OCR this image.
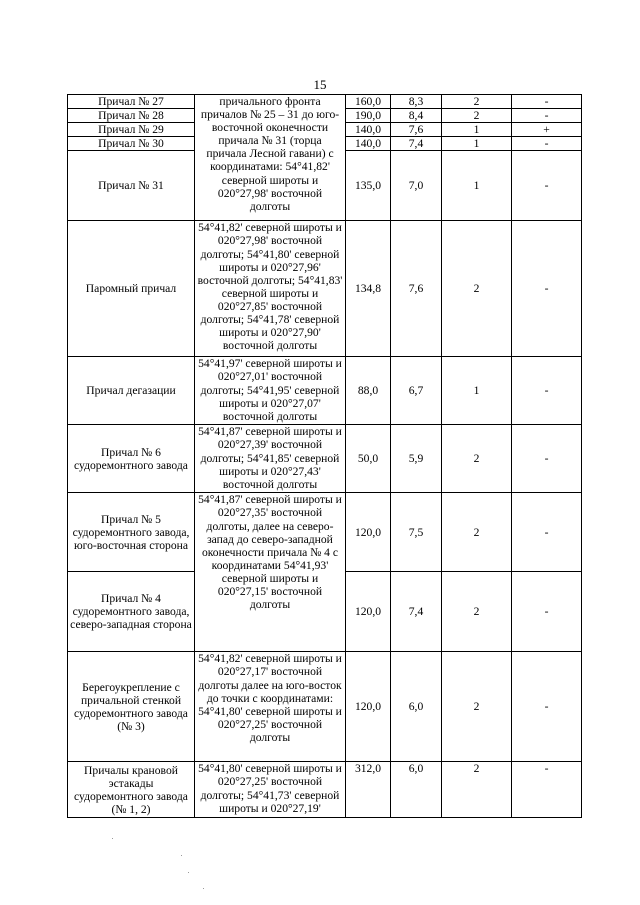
15
Причал № 27	причального фронта причалов № 25 – 31 до юго-восточной оконечности причала № 31 (торца причала Лесной гавани) с координатами: 54°41,82' северной широты и 020°27,98' восточной долготы	160,0	8,3	2	-
Причал № 28		190,0	8,4	2	-
Причал № 29		140,0	7,6	1	+
Причал № 30		140,0	7,4	1	-
Причал № 31		135,0	7,0	1	-
Паромный причал	54°41,82' северной широты и 020°27,98' восточной долготы; 54°41,80' северной широты и 020°27,96' восточной долготы; 54°41,83' северной широты и 020°27,85' восточной долготы; 54°41,78' северной широты и 020°27,90' восточной долготы	134,8	7,6	2	-
Причал дегазации	54°41,97' северной широты и 020°27,01' восточной долготы; 54°41,95' северной широты и 020°27,07' восточной долготы	88,0	6,7	1	-
Причал № 6 судоремонтного завода	54°41,87' северной широты и 020°27,39' восточной долготы; 54°41,85' северной широты и 020°27,43' восточной долготы	50,0	5,9	2	-
Причал № 5 судоремонтного завода, юго-восточная сторона	54°41,87' северной широты и 020°27,35' восточной долготы, далее на северо-запад до северо-западной оконечности причала № 4 с координатами 54°41,93' северной широты и 020°27,15' восточной долготы	120,0	7,5	2	-
Причал № 4 судоремонтного завода, северо-западная сторона		120,0	7,4	2	-
Берегоукрепление с причальной стенкой судоремонтного завода (№ 3)	54°41,82' северной широты и 020°27,17' восточной долготы далее на юго-восток до точки с координатами: 54°41,80' северной широты и 020°27,25' восточной долготы	120,0	6,0	2	-
Причалы крановой эстакады судоремонтного завода (№ 1, 2)	54°41,80' северной широты и 020°27,25' восточной долготы; 54°41,73' северной широты и 020°27,19'	312,0	6,0	2	-
